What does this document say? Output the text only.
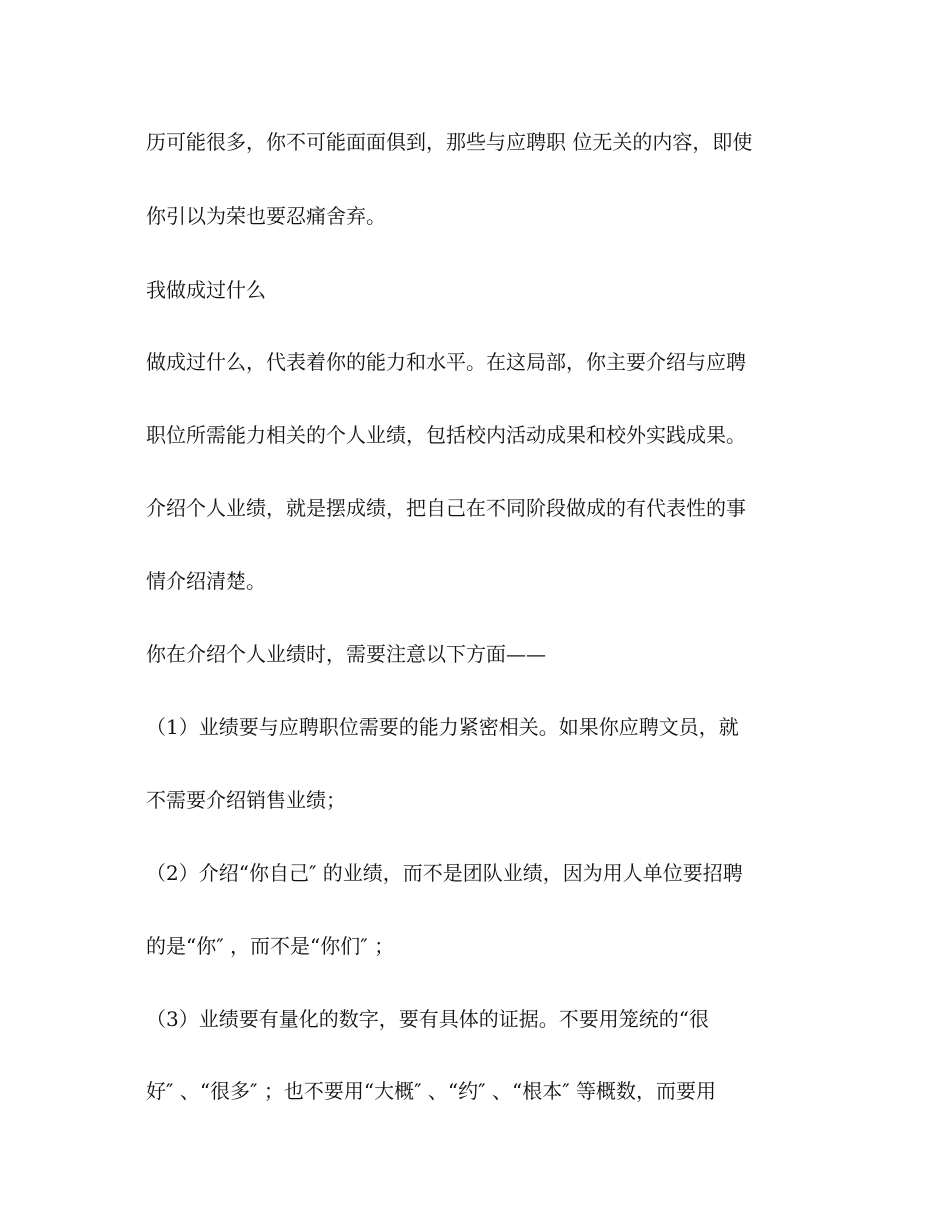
历可能很多，你不可能面面俱到，那些与应聘职 位无关的内容，即使
你引以为荣也要忍痛舍弃。
我做成过什么
做成过什么，代表着你的能力和水平。在这局部，你主要介绍与应聘
职位所需能力相关的个人业绩，包括校内活动成果和校外实践成果。
介绍个人业绩，就是摆成绩，把自己在不同阶段做成的有代表性的事
情介绍清楚。
你在介绍个人业绩时，需要注意以下方面——
（1）业绩要与应聘职位需要的能力紧密相关。如果你应聘文员，就
不需要介绍销售业绩；
（2）介绍“你自己″ 的业绩，而不是团队业绩，因为用人单位要招聘
的是“你″ ，而不是“你们″ ；
（3）业绩要有量化的数字，要有具体的证据。不要用笼统的“很
好″ 、“很多″ ；也不要用“大概″ 、“约″ 、“根本″ 等概数，而要用
